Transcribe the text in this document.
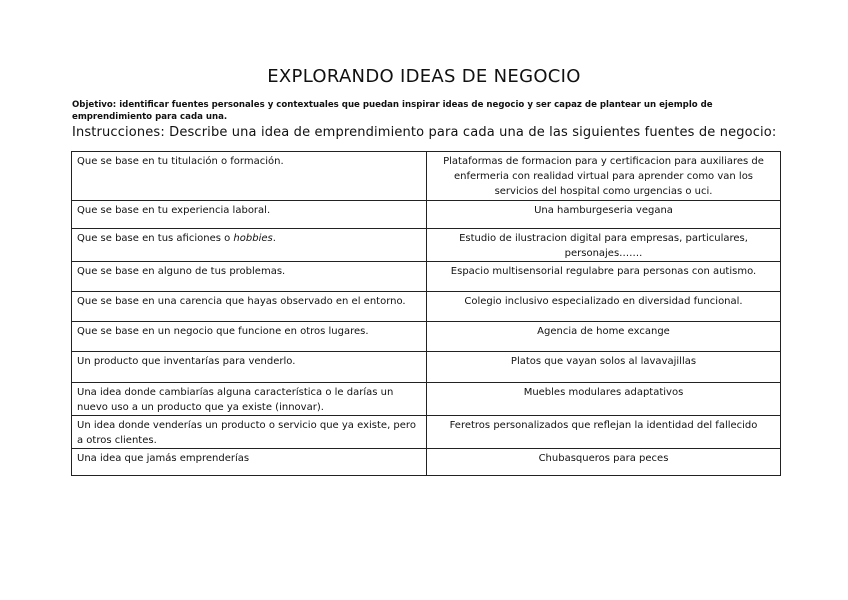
EXPLORANDO IDEAS DE NEGOCIO

Objetivo: identificar fuentes personales y contextuales que puedan inspirar ideas de negocio y ser capaz de plantear un ejemplo de emprendimiento para cada una.

Instrucciones: Describe una idea de emprendimiento para cada una de las siguientes fuentes de negocio:

Que se base en tu titulación o formación.	Plataformas de formacion para y certificacion para auxiliares de enfermeria con realidad virtual para aprender como van los servicios del hospital como urgencias o uci.
Que se base en tu experiencia laboral.	Una hamburgeseria vegana
Que se base en tus aficiones o hobbies.	Estudio de ilustracion digital para empresas, particulares, personajes…….
Que se base en alguno de tus problemas.	Espacio multisensorial regulabre para personas con autismo.
Que se base en una carencia que hayas observado en el entorno.	Colegio inclusivo especializado en diversidad funcional.
Que se base en un negocio que funcione en otros lugares.	Agencia de home excange
Un producto que inventarías para venderlo.	Platos que vayan solos al lavavajillas
Una idea donde cambiarías alguna característica o le darías un nuevo uso a un producto que ya existe (innovar).	Muebles modulares adaptativos
Un idea donde venderías un producto o servicio que ya existe, pero a otros clientes.	Feretros personalizados que reflejan la identidad del fallecido
Una idea que jamás emprenderías	Chubasqueros para peces
